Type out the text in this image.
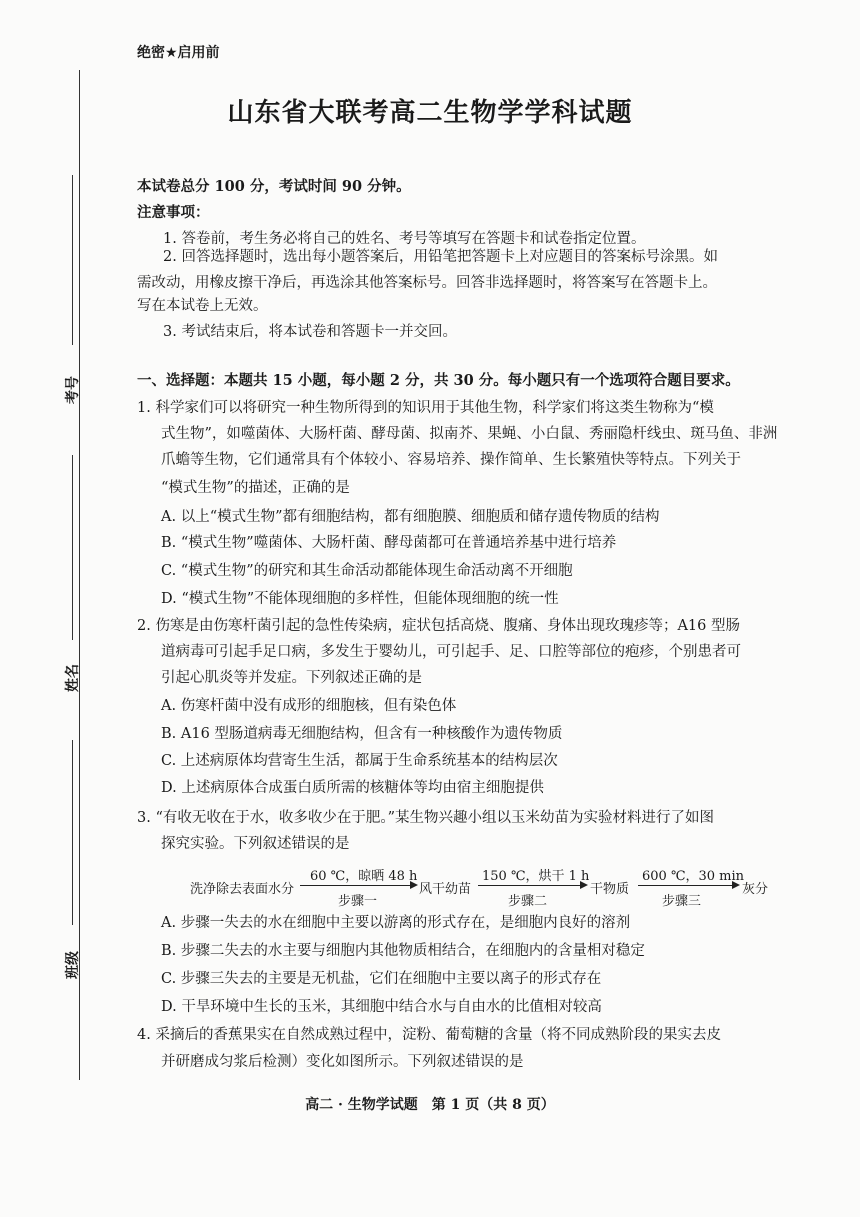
考号
姓名
班级
绝密★启用前
山东省大联考高二生物学学科试题
本试卷总分 100 分，考试时间 90 分钟。
注意事项：
1. 答卷前，考生务必将自己的姓名、考号等填写在答题卡和试卷指定位置。
2. 回答选择题时，选出每小题答案后，用铅笔把答题卡上对应题目的答案标号涂黑。如
需改动，用橡皮擦干净后，再选涂其他答案标号。回答非选择题时，将答案写在答题卡上。
写在本试卷上无效。
3. 考试结束后，将本试卷和答题卡一并交回。
一、选择题：本题共 15 小题，每小题 2 分，共 30 分。每小题只有一个选项符合题目要求。
1. 科学家们可以将研究一种生物所得到的知识用于其他生物，科学家们将这类生物称为“模
式生物”，如噬菌体、大肠杆菌、酵母菌、拟南芥、果蝇、小白鼠、秀丽隐杆线虫、斑马鱼、非洲
爪蟾等生物，它们通常具有个体较小、容易培养、操作简单、生长繁殖快等特点。下列关于
“模式生物”的描述，正确的是
A. 以上“模式生物”都有细胞结构，都有细胞膜、细胞质和储存遗传物质的结构
B. “模式生物”噬菌体、大肠杆菌、酵母菌都可在普通培养基中进行培养
C. “模式生物”的研究和其生命活动都能体现生命活动离不开细胞
D. “模式生物”不能体现细胞的多样性，但能体现细胞的统一性
2. 伤寒是由伤寒杆菌引起的急性传染病，症状包括高烧、腹痛、身体出现玫瑰疹等；A16 型肠
道病毒可引起手足口病，多发生于婴幼儿，可引起手、足、口腔等部位的疱疹，个别患者可
引起心肌炎等并发症。下列叙述正确的是
A. 伤寒杆菌中没有成形的细胞核，但有染色体
B. A16 型肠道病毒无细胞结构，但含有一种核酸作为遗传物质
C. 上述病原体均营寄生生活，都属于生命系统基本的结构层次
D. 上述病原体合成蛋白质所需的核糖体等均由宿主细胞提供
3. “有收无收在于水，收多收少在于肥。”某生物兴趣小组以玉米幼苗为实验材料进行了如图
探究实验。下列叙述错误的是
洗净除去表面水分
60 ℃，晾晒 48 h
步骤一
风干幼苗
150 ℃，烘干 1 h
步骤二
干物质
600 ℃，30 min
步骤三
灰分
A. 步骤一失去的水在细胞中主要以游离的形式存在，是细胞内良好的溶剂
B. 步骤二失去的水主要与细胞内其他物质相结合，在细胞内的含量相对稳定
C. 步骤三失去的主要是无机盐，它们在细胞中主要以离子的形式存在
D. 干旱环境中生长的玉米，其细胞中结合水与自由水的比值相对较高
4. 采摘后的香蕉果实在自然成熟过程中，淀粉、葡萄糖的含量（将不同成熟阶段的果实去皮
并研磨成匀浆后检测）变化如图所示。下列叙述错误的是
高二 · 生物学试题　第 1 页（共 8 页）
